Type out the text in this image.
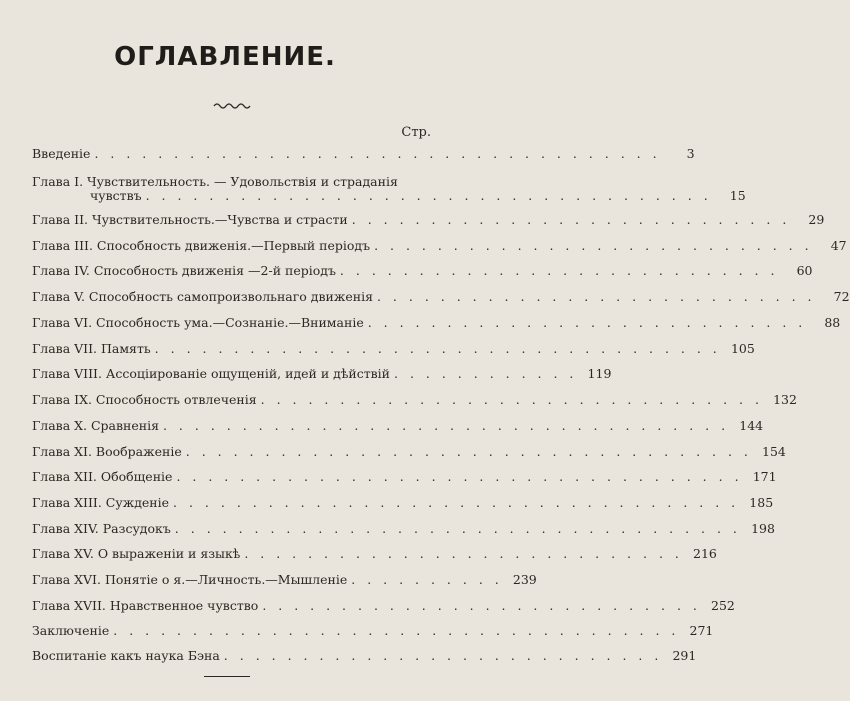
ОГЛАВЛЕНИЕ.
Стр.
Введеніе . . . . . . . . . . . . . . . . . . . . . . . . . . . . . . . . . . . .	3
Глава I. Чувствительность. — Удовольствія и страданія
чувствъ . . . . . . . . . . . . . . . . . . . . . . . . . . . . . . . . . . . .	15
Глава II. Чувствительность.—Чувства и страсти . . . . . . . . . . . . . . . . . . . . . . . . . . . .	29
Глава III. Способность движенія.—Первый періодъ . . . . . . . . . . . . . . . . . . . . . . . . . . . .	47
Глава IV. Способность движенія —2-й періодъ . . . . . . . . . . . . . . . . . . . . . . . . . . . .	60
Глава V. Способность самопроизвольнаго движенія . . . . . . . . . . . . . . . . . . . . . . . . . . . .	72
Глава VI. Способность ума.—Сознаніе.—Вниманіе . . . . . . . . . . . . . . . . . . . . . . . . . . . .	88
Глава VII. Память . . . . . . . . . . . . . . . . . . . . . . . . . . . . . . . . . . . . 105
Глава VIII. Ассоціированіе ощущеній, идей и дѣйствій . . . . . . . . . . . . 119
Глава IX. Способность отвлеченія . . . . . . . . . . . . . . . . . . . . . . . . . . . . . . . . 132
Глава X. Сравненія . . . . . . . . . . . . . . . . . . . . . . . . . . . . . . . . . . . . 144
Глава XI. Воображеніе . . . . . . . . . . . . . . . . . . . . . . . . . . . . . . . . . . . . 154
Глава XII. Обобщеніе . . . . . . . . . . . . . . . . . . . . . . . . . . . . . . . . . . . . 171
Глава XIII. Сужденіе . . . . . . . . . . . . . . . . . . . . . . . . . . . . . . . . . . . . 185
Глава XIV. Разсудокъ . . . . . . . . . . . . . . . . . . . . . . . . . . . . . . . . . . . . 198
Глава XV. О выраженіи и языкѣ . . . . . . . . . . . . . . . . . . . . . . . . . . . . 216
Глава XVI. Понятіе о я.—Личность.—Мышленіе . . . . . . . . . . 239
Глава XVII. Нравственное чувство . . . . . . . . . . . . . . . . . . . . . . . . . . . . 252
Заключеніе . . . . . . . . . . . . . . . . . . . . . . . . . . . . . . . . . . . . 271
Воспитаніе какъ наука Бэна . . . . . . . . . . . . . . . . . . . . . . . . . . . . 291
